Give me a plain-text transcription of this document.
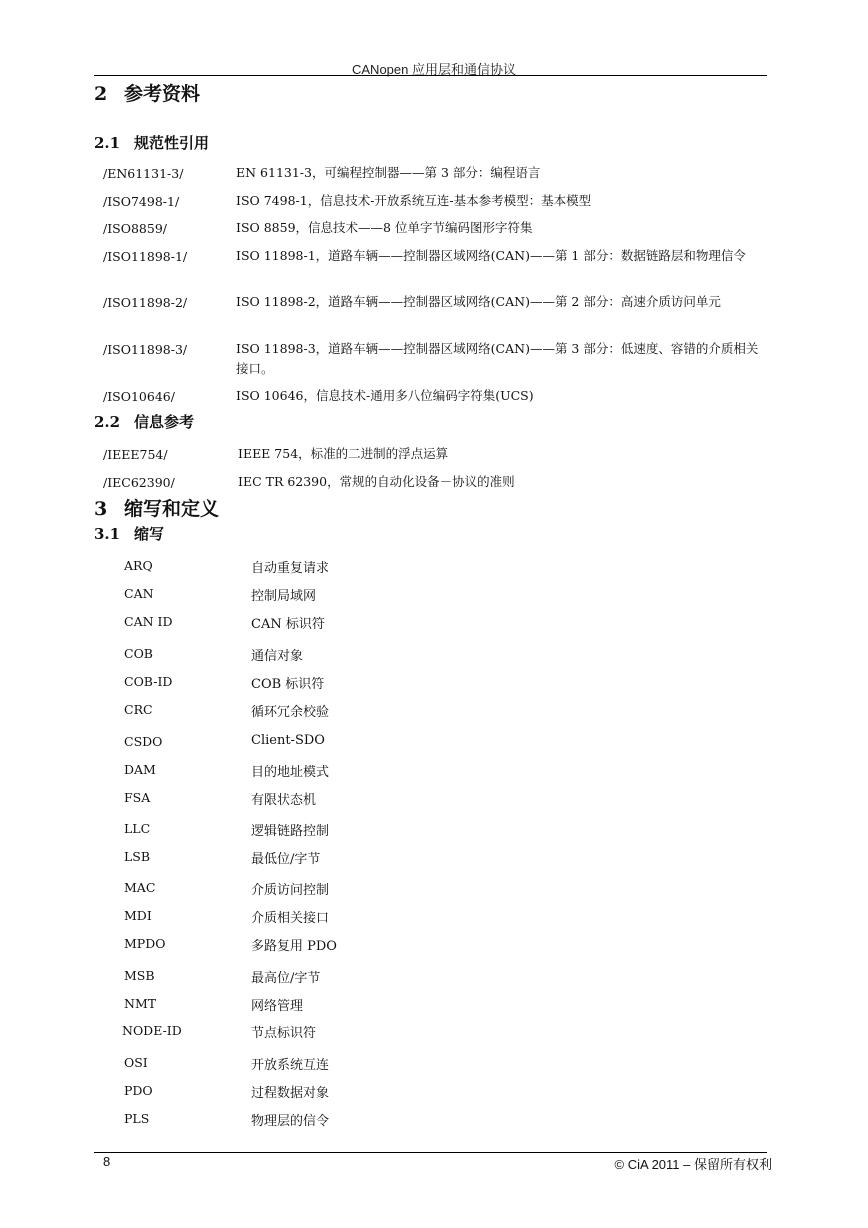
CANopen 应用层和通信协议
2 参考资料
2.1 规范性引用
/EN61131-3/	EN 61131-3，可编程控制器——第 3 部分：编程语言
/ISO7498-1/	ISO 7498-1，信息技术-开放系统互连-基本参考模型：基本模型
/ISO8859/	ISO 8859，信息技术——8 位单字节编码图形字符集
/ISO11898-1/	ISO 11898-1，道路车辆——控制器区域网络(CAN)——第 1 部分：数据链路层和物理信令
/ISO11898-2/	ISO 11898-2，道路车辆——控制器区域网络(CAN)——第 2 部分：高速介质访问单元
/ISO11898-3/	ISO 11898-3，道路车辆——控制器区域网络(CAN)——第 3 部分：低速度、容错的介质相关接口。
/ISO10646/	ISO 10646，信息技术-通用多八位编码字符集(UCS)
2.2 信息参考
/IEEE754/	IEEE 754，标准的二进制的浮点运算
/IEC62390/	IEC TR 62390，常规的自动化设备－协议的准则
3 缩写和定义
3.1 缩写
ARQ	自动重复请求
CAN	控制局域网
CAN ID	CAN 标识符
COB	通信对象
COB-ID	COB 标识符
CRC	循环冗余校验
CSDO	Client-SDO
DAM	目的地址模式
FSA	有限状态机
LLC	逻辑链路控制
LSB	最低位/字节
MAC	介质访问控制
MDI	介质相关接口
MPDO	多路复用 PDO
MSB	最高位/字节
NMT	网络管理
NODE-ID	节点标识符
OSI	开放系统互连
PDO	过程数据对象
PLS	物理层的信令
8	© CiA 2011 – 保留所有权利
